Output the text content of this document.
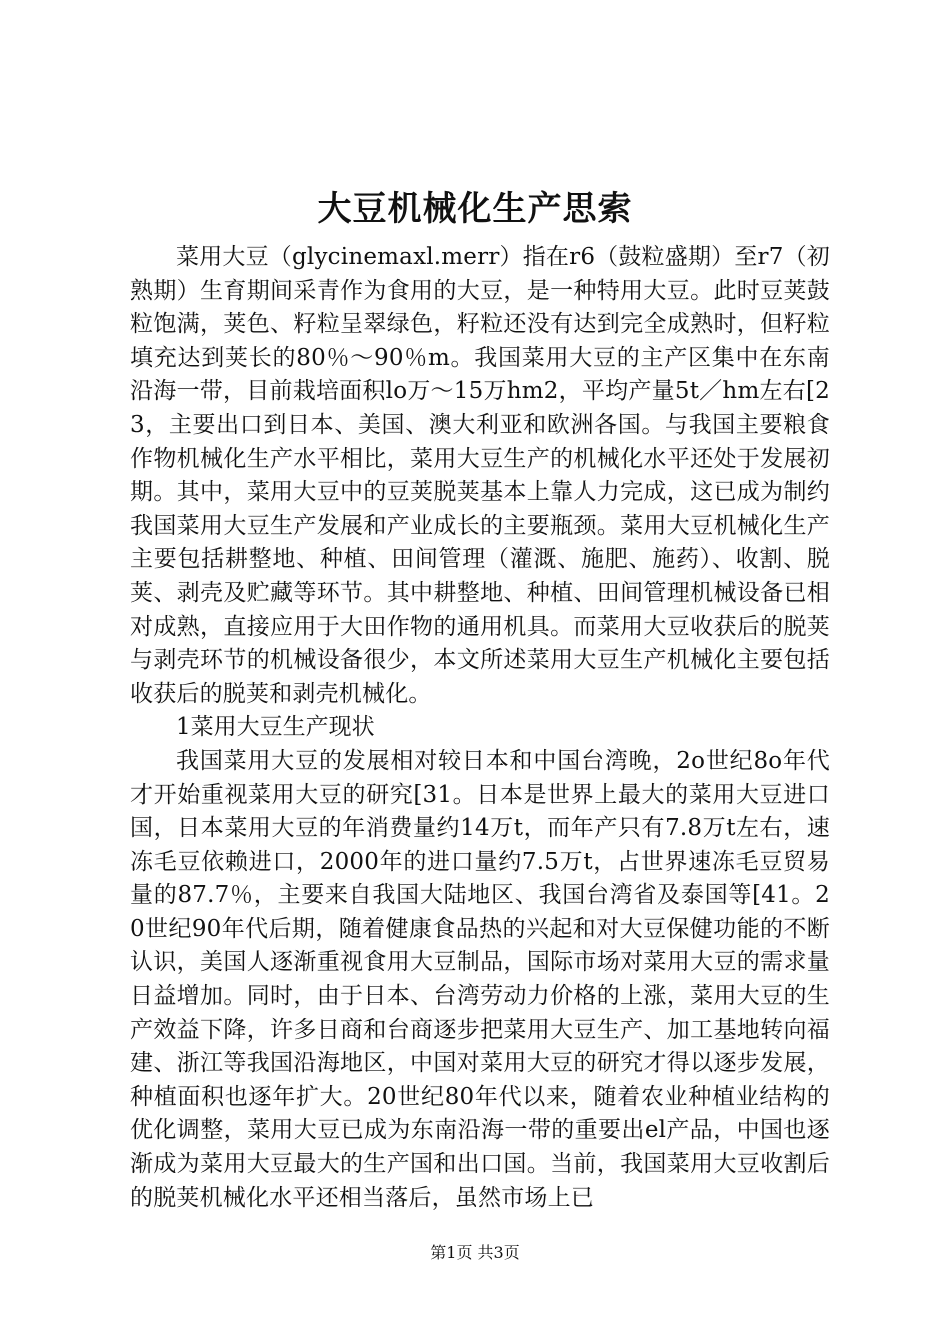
大豆机械化生产思索

菜用大豆（glycinemaxl.merr）指在r6（鼓粒盛期）至r7（初熟期）生育期间采青作为食用的大豆，是一种特用大豆。此时豆荚鼓粒饱满，荚色、籽粒呈翠绿色，籽粒还没有达到完全成熟时，但籽粒填充达到荚长的80％～90％m。我国菜用大豆的主产区集中在东南沿海一带，目前栽培面积lo万～15万hm2，平均产量5t／hm左右[23，主要出口到日本、美国、澳大利亚和欧洲各国。与我国主要粮食作物机械化生产水平相比，菜用大豆生产的机械化水平还处于发展初期。其中，菜用大豆中的豆荚脱荚基本上靠人力完成，这已成为制约我国菜用大豆生产发展和产业成长的主要瓶颈。菜用大豆机械化生产主要包括耕整地、种植、田间管理（灌溉、施肥、施药）、收割、脱荚、剥壳及贮藏等环节。其中耕整地、种植、田间管理机械设备已相对成熟，直接应用于大田作物的通用机具。而菜用大豆收获后的脱荚与剥壳环节的机械设备很少，本文所述菜用大豆生产机械化主要包括收获后的脱荚和剥壳机械化。

1菜用大豆生产现状

我国菜用大豆的发展相对较日本和中国台湾晚，2o世纪8o年代才开始重视菜用大豆的研究[31。日本是世界上最大的菜用大豆进口国，日本菜用大豆的年消费量约14万t，而年产只有7.8万t左右，速冻毛豆依赖进口，2000年的进口量约7.5万t，占世界速冻毛豆贸易量的87.7％，主要来自我国大陆地区、我国台湾省及泰国等[41。20世纪90年代后期，随着健康食品热的兴起和对大豆保健功能的不断认识，美国人逐渐重视食用大豆制品，国际市场对菜用大豆的需求量日益增加。同时，由于日本、台湾劳动力价格的上涨，菜用大豆的生产效益下降，许多日商和台商逐步把菜用大豆生产、加工基地转向福建、浙江等我国沿海地区，中国对菜用大豆的研究才得以逐步发展，种植面积也逐年扩大。20世纪80年代以来，随着农业种植业结构的优化调整，菜用大豆已成为东南沿海一带的重要出el产品，中国也逐渐成为菜用大豆最大的生产国和出口国。当前，我国菜用大豆收割后的脱荚机械化水平还相当落后，虽然市场上已

第1页 共3页
